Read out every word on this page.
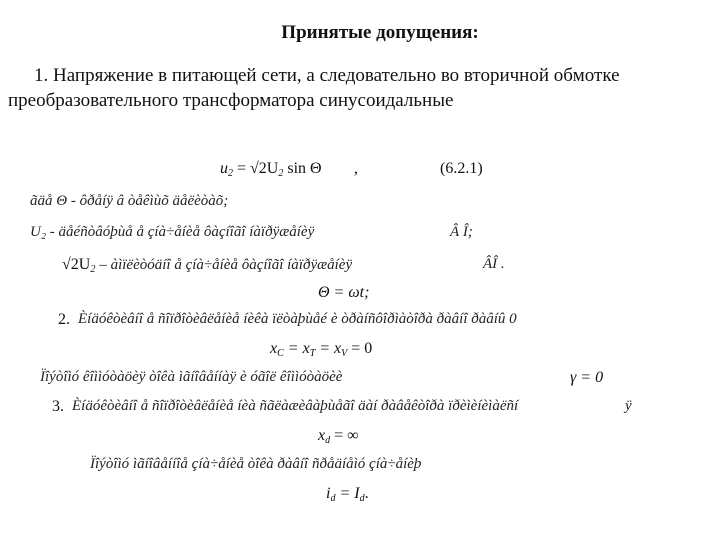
Принятые допущения:
1. Напряжение в питающей сети, а следовательно во вторичной обмотке преобразовательного трансформатора синусоидальные
$u_2 = √2U_2$ sin Θ ,	(6.2.1)
ãäå Θ - ôðåíÿ â òåêìùõ äåëèòàõ;
U₂ - äåéñòâóþùå å çíà÷åíèå ôàçíîãî íàïðÿæåíèÿ	Â Î;
$√2U_2$ – àìïëèòóäíî å çíà÷åíèå ôàçíîãî íàïðÿæåíèÿ	ÂÎ .
Θ = ωt;
2. Èíäóêòèâíî å ñîïðîòèâëåíèå íèêà ïëòàþùåé è òðàíñôîðìàòîðà ðàâíî ðàâíû 0
$x_C = x_T = x_V = 0$
Ïîýòîìó êîììóòàöèÿ òîêà ìãíîâåííàÿ è óãîë êîììóòàöèè	γ = 0
3. Èíäóêòèâíî å ñîïðîòèâëåíèå íèà ñãëàæèâàþùåãî äàí ðàâåêòîðà ïðèìèíèìàëñí	ÿ
$x_d$ = ∞
Ïîýòîìó ìãíîâåííîå çíà÷åíèå òîêà ðàâíî ñðåäíåìó çíà÷åíèþ
$i_d = I_d$.
